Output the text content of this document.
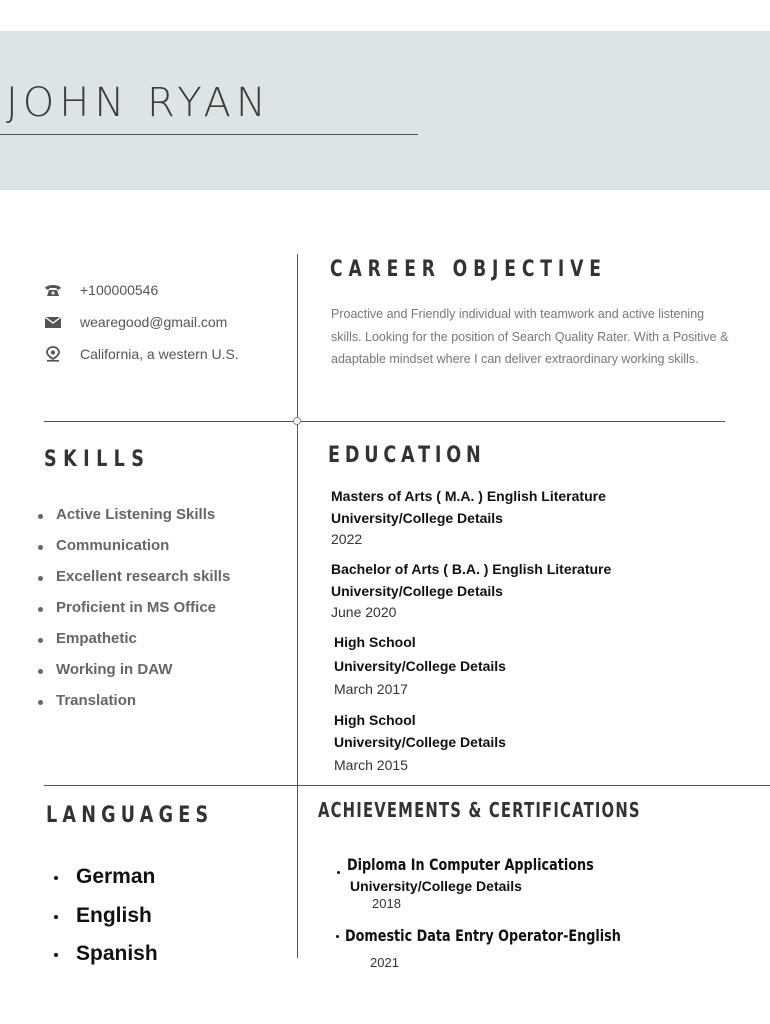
JOHN RYAN
+100000546
wearegood@gmail.com
California, a western U.S.
CAREER OBJECTIVE
Proactive and Friendly individual with teamwork and active listening skills. Looking for the position of Search Quality Rater. With a Positive & adaptable mindset where I can deliver extraordinary working skills.
SKILLS
Active Listening Skills
Communication
Excellent research skills
Proficient in MS Office
Empathetic
Working in DAW
Translation
EDUCATION
Masters of Arts ( M.A. ) English Literature
University/College Details
2022
Bachelor of Arts ( B.A. ) English Literature
University/College Details
June 2020
High School
University/College Details
March 2017
High School
University/College Details
March 2015
LANGUAGES
German
English
Spanish
ACHIEVEMENTS & CERTIFICATIONS
Diploma In Computer Applications
University/College Details
2018
Domestic Data Entry Operator-English
2021
